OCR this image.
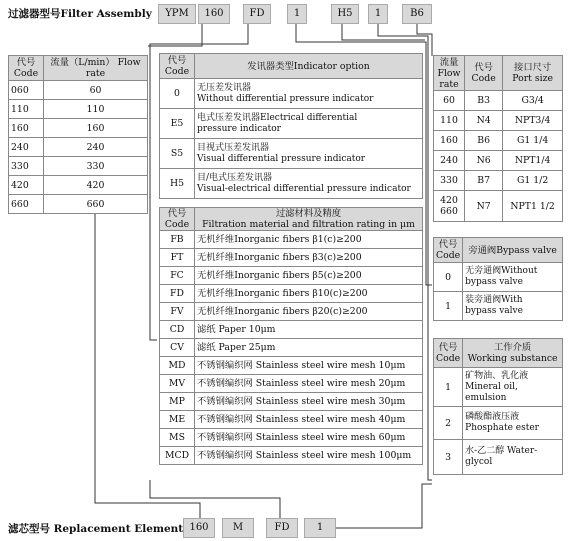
过滤器型号Filter Assembly	YPM	160	FD	1	H5	1	B6
代号 Code	流量（L/min） Flow rate
060	60
110	110
160	160
240	240
330	330
420	420
660	660
代号 Code	发讯器类型Indicator option
0	无压差发讯器
Without differential pressure indicator

E5	电式压差发讯器Electrical differential
pressure indicator

S5	目视式压差发讯器
Visual differential pressure indicator

H5	目/电式压差发讯器
Visual-electrical differential pressure indicator
代号 Code	过滤材料及精度
Filtration material and filtration rating in μm

FB	无机纤维Inorganic fibers β1(c)≥200
FT	无机纤维Inorganic fibers β3(c)≥200
FC	无机纤维Inorganic fibers β5(c)≥200
FD	无机纤维Inorganic fibers β10(c)≥200
FV	无机纤维Inorganic fibers β20(c)≥200
CD	滤纸 Paper 10μm
CV	滤纸 Paper 25μm
MD	不锈钢编织网 Stainless steel wire mesh 10μm
MV	不锈钢编织网 Stainless steel wire mesh 20μm
MP	不锈钢编织网 Stainless steel wire mesh 30μm
ME	不锈钢编织网 Stainless steel wire mesh 40μm
MS	不锈钢编织网 Stainless steel wire mesh 60μm
MCD	不锈钢编织网 Stainless steel wire mesh 100μm
流量 Flow rate	代号 Code	接口尺寸 Port size
60	B3	G3/4
110	N4	NPT3/4
160	B6	G1 1/4
240	N6	NPT1/4
330	B7	G1 1/2
420 660	N7	NPT1 1/2
代号 Code	旁通阀Bypass valve
0	无旁通阀Without
bypass valve

1	装旁通阀With
bypass valve
代号 Code	工作介质
Working substance

1	矿物油、乳化液
Mineral oil, emulsion

2	磷酸酯液压液
Phosphate ester

3	水-乙二醇 Water-
glycol
滤芯型号 Replacement Element 160	M	FD	1
